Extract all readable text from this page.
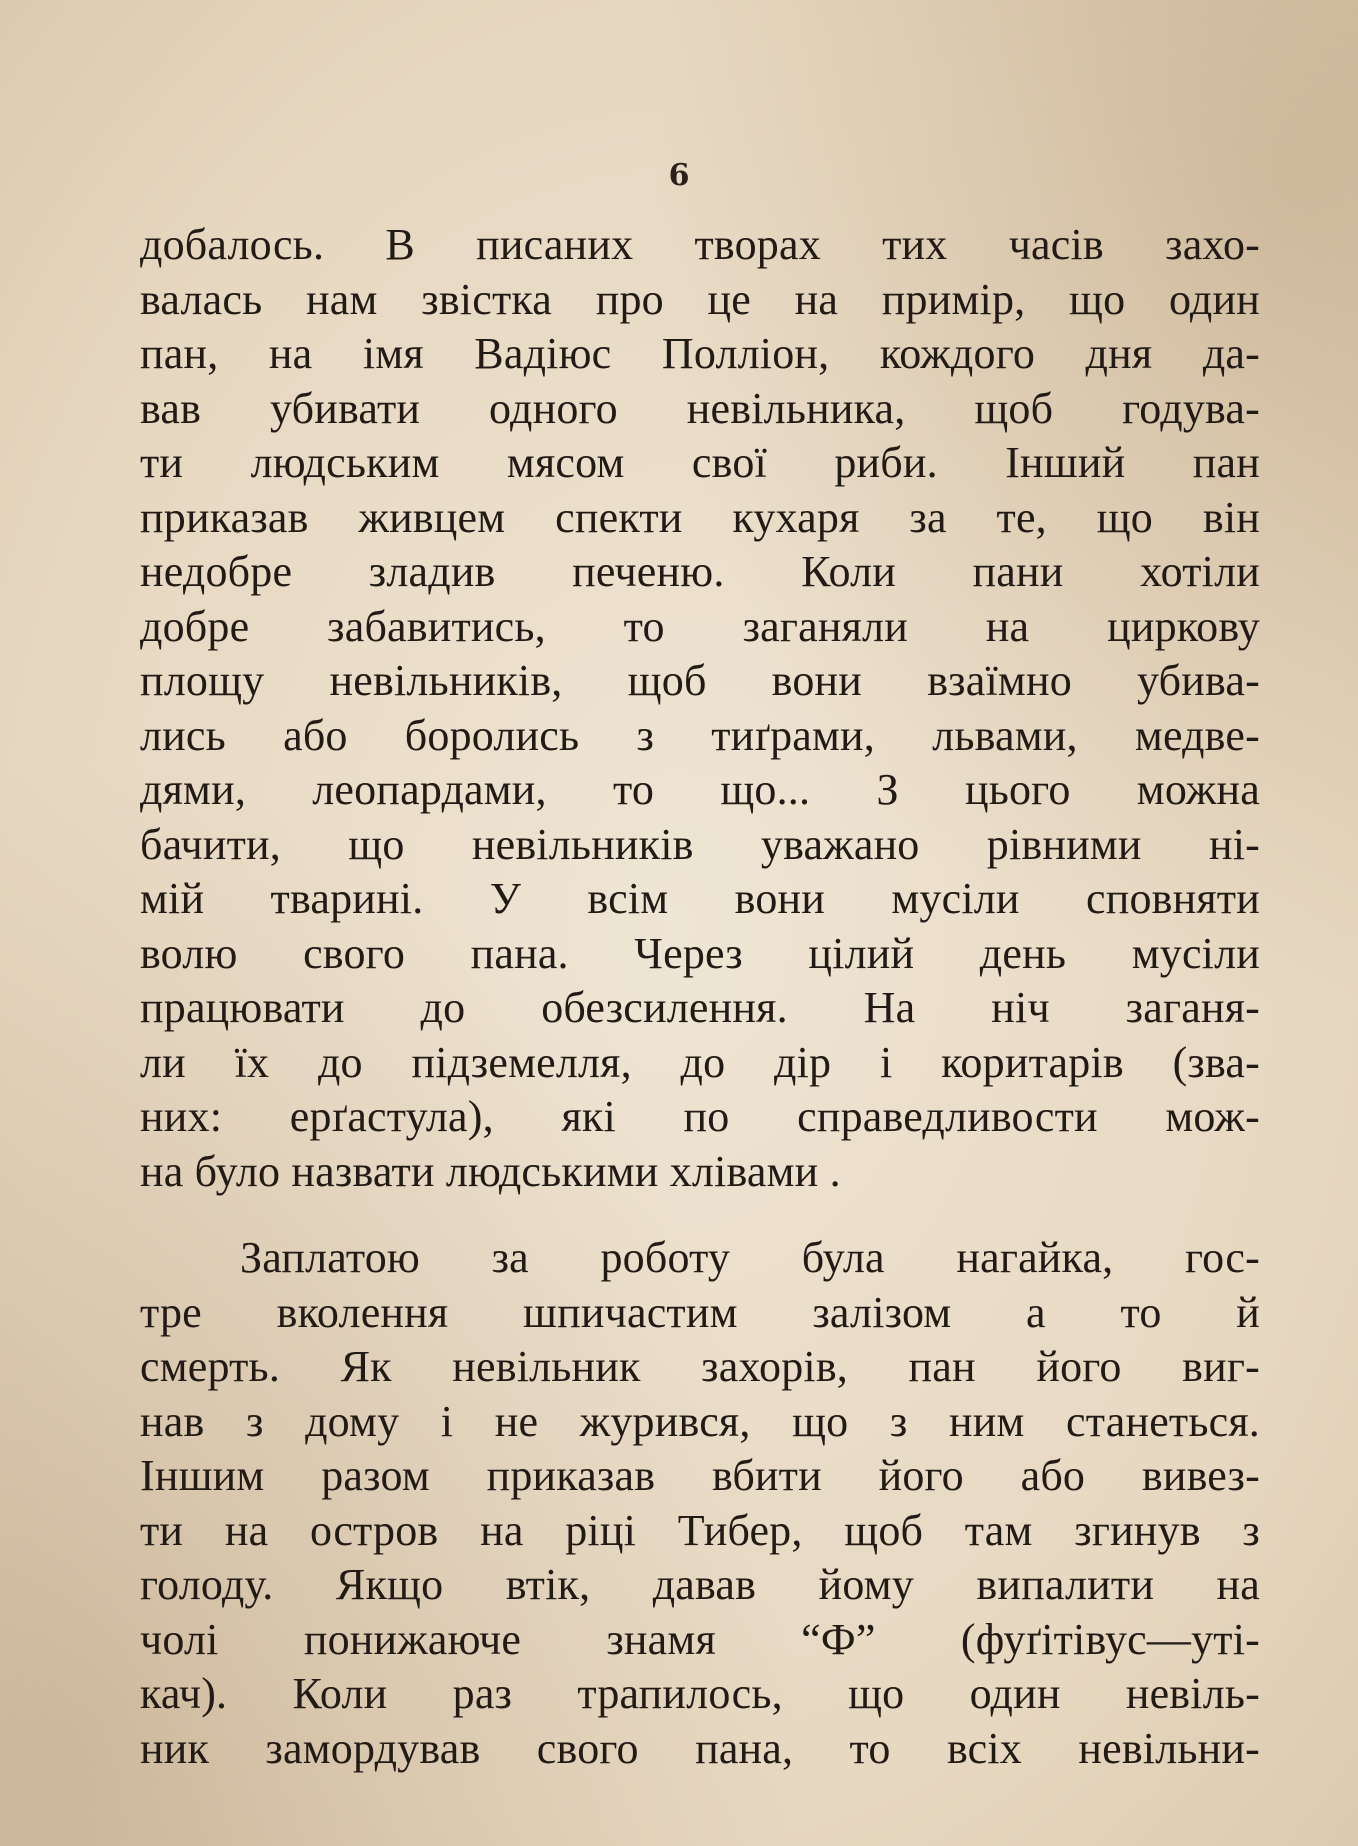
6
добалось. В писаних творах тих часів захо-
валась нам звістка про це на примір, що один
пан, на імя Вадіюс Полліон, кождого дня да-
вав убивати одного невільника, щоб годува-
ти людським мясом свої риби. Інший пан
приказав живцем спекти кухаря за те, що він
недобре зладив печеню. Коли пани хотіли
добре забавитись, то заганяли на циркову
площу невільників, щоб вони взаїмно убива-
лись або боролись з тиґрами, львами, медве-
дями, леопардами, то що... З цього можна
бачити, що невільників уважано рівними ні-
мій тварині. У всім вони мусіли сповняти
волю свого пана. Через цілий день мусіли
працювати до обезсилення. На ніч заганя-
ли їх до підземелля, до дір і коритарів (зва-
них: ерґастула), які по справедливости мож-
на було назвати людськими хлівами .
Заплатою за роботу була нагайка, гос-
тре вколення шпичастим залізом а то й
смерть. Як невільник захорів, пан його виг-
нав з дому і не журився, що з ним станеться.
Іншим разом приказав вбити його або вивез-
ти на остров на ріці Тибер, щоб там згинув з
голоду. Якщо втік, давав йому випалити на
чолі понижаюче знамя “Ф” (фуґітівус—уті-
кач). Коли раз трапилось, що один невіль-
ник замордував свого пана, то всіх невільни-
